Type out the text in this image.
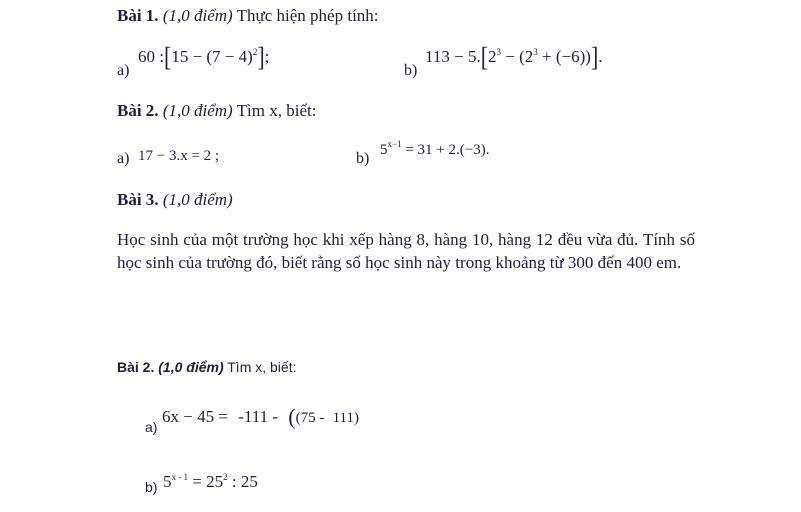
Bài 1. (1,0 điểm) Thực hiện phép tính:
a)
60 :[15 − $(7 - 4)^2$];
b)
$113 - 5.[2^3 - (2^3 + (-6))]$.
Bài 2. (1,0 điểm) Tìm x, biết:
a) 17 − 3.x = 2 ;	b) $5^{x-1} = 31 + 2.(-3)$.
Bài 3. (1,0 điểm)
Học sinh của một trường học khi xếp hàng 8, hàng 10, hàng 12 đều vừa đủ. Tính số học sinh của trường đó, biết rằng số học sinh này trong khoảng từ 300 đến 400 em.
Bài 2. (1,0 điểm) Tìm x, biết:
a)
6x − 45 = -111 - ((75 - 111)
b) $5^{x - 1} = 25^2$ : 25
